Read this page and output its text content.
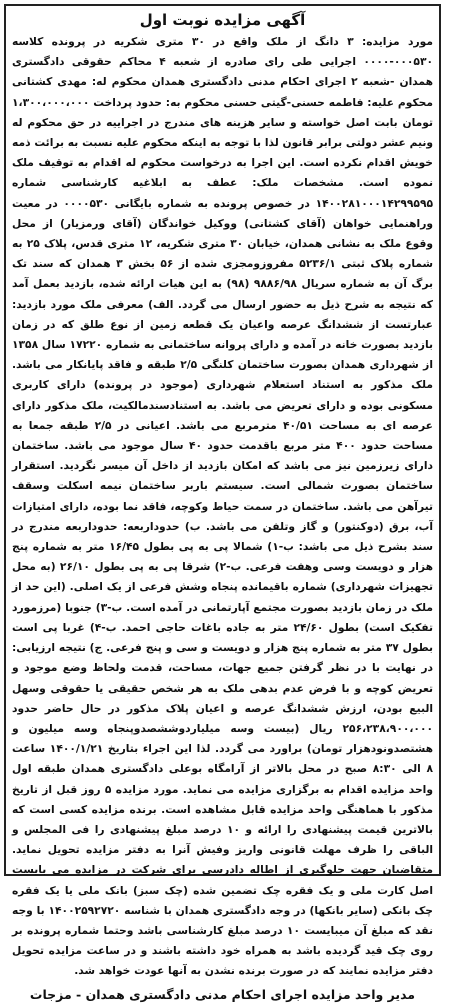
آگهی مزایده نوبت اول

مورد مزایده: ۳ دانگ از ملک واقع در ۳۰ متری شکریه در پرونده کلاسه ۰۰۰۵۳۰-۰۰۰۰ اجرایی طی رای صادره از شعبه ۴ محاکم حقوقی دادگستری همدان -شعبه ۲ اجرای احکام مدنی دادگستری همدان محکوم له: مهدی کشتانی محکوم علیه: فاطمه حسنی-گیتی حسنی محکوم به: حدود پرداخت ۱،۳۰۰،۰۰۰،۰۰۰ تومان بابت اصل خواسته و سایر هزینه های مندرج در اجراییه در حق محکوم له ونیم عشر دولتی برابر قانون لذا با توجه به اینکه محکوم علیه نسبت به برائت ذمه خویش اقدام نکرده است. این اجرا به درخواست محکوم له اقدام به توقیف ملک نموده است. مشخصات ملک: عطف به ابلاغیه کارشناسی شماره ۱۴۰۰۲۸۱۰۰۰۱۴۲۹۹۵۹۵ در خصوص پرونده به شماره بایگانی ۰۰۰۰۵۳۰ در معیت وراهنمایی خواهان (آقای کشتانی) ووکیل خواندگان (آقای ورمزیار) از محل وقوع ملک به نشانی همدان، خیابان ۳۰ متری شکریه، ۱۲ متری قدس، پلاک ۲۵ به شماره پلاک ثبتی ۵۲۳۶/۱ مفروزومجزی شده از ۵۶ بخش ۳ همدان که سند تک برگ آن به شماره سریال ۹۸۸۶/۹۸ (۹۸) به این هیات ارائه شده، بازدید بعمل آمد که نتیجه به شرح ذیل به حضور ارسال می گردد. الف) معرفی ملک مورد بازدید: عبارتست از ششدانگ عرصه واعیان یک قطعه زمین از نوع طلق که در زمان بازدید بصورت خانه در آمده و دارای پروانه ساختمانی به شماره ۱۷۲۲۰ سال ۱۳۵۸ از شهرداری همدان بصورت ساختمان کلنگی ۲/۵ طبقه و فاقد پایانکار می باشد. ملک مذکور به استناد استعلام شهرداری (موجود در پرونده) دارای کاربری مسکونی بوده و دارای تعریض می باشد. به استنادسندمالکیت، ملک مذکور دارای عرصه ای به مساحت ۴۰/۵۱ مترمربع می باشد. اعیانی در ۲/۵ طبقه جمعا به مساحت حدود ۴۰۰ متر مربع باقدمت حدود ۴۰ سال موجود می باشد. ساختمان دارای زیرزمین نیز می باشد که امکان بازدید از داخل آن میسر نگردید. استقرار ساختمان بصورت شمالی است. سیستم باربر ساختمان نیمه اسکلت وسقف تیرآهن می باشد. ساختمان در سمت حیاط وکوچه، فاقد نما بوده، دارای امتیازات آب، برق (دوکنتور) و گاز وتلفن می باشد. ب) حدوداربعه: حدوداربعه مندرج در سند بشرح ذیل می باشد: ب-۱) شمالا پی به پی بطول ۱۶/۴۵ متر به شماره پنج هزار و دویست وسی وهفت فرعی. ب-۲) شرقا پی به پی بطول ۲۶/۱۰ (به محل تجهیزات شهرداری) شماره باقیمانده پنجاه وشش فرعی از یک اصلی. (این حد از ملک در زمان بازدید بصورت مجتمع آپارتمانی در آمده است. ب-۳) جنوبا (مرزمورد تفکیک است) بطول ۲۴/۶۰ متر به جاده باغات حاجی احمد. ب-۴) غربا پی است بطول ۳۷ متر به شماره پنج هزار و دویست و سی و پنج فرعی. ج) نتیجه ارزیابی: در نهایت با در نظر گرفتن جمیع جهات، مساحت، قدمت ولحاظ وضع موجود و تعریض کوچه و با فرض عدم بدهی ملک به هر شخص حقیقی یا حقوقی وسهل البیع بودن، ارزش ششدانگ عرصه و اعیان پلاک مذکور در حال حاضر حدود ۲۵۶،۲۳۸،۹۰۰،۰۰۰ ریال (بیست وسه میلیاردوششصدوپنجاه وسه میلیون و هشتصدونودهزار تومان) براورد می گردد. لذا این اجراء بتاریخ ۱۴۰۰/۱/۲۱ ساعت ۸ الی ۸:۳۰ صبح در محل بالاتر از آرامگاه بوعلی دادگستری همدان طبقه اول واحد مزایده اقدام به برگزاری مزایده می نماید. مورد مزایده ۵ روز قبل از تاریخ مذکور با هماهنگی واحد مزایده قابل مشاهده است. برنده مزایده کسی است که بالاترین قیمت پیشنهادی را ارائه و ۱۰ درصد مبلغ پیشنهادی را فی المجلس و الباقی را ظرف مهلت قانونی واریز وفیش آنرا به دفتر مزایده تحویل نماید. متقاضیان جهت جلوگیری از اطاله دادرسی برای شرکت در مزایده می بایست اصل کارت ملی و یک فقره چک تضمین شده (چک سبز) بانک ملی یا یک فقره چک بانکی (سایر بانکها) در وجه دادگستری همدان با شناسه ۱۴۰۰۲۵۹۲۷۲۰ با وجه نقد که مبلغ آن میبایست ۱۰ درصد مبلغ کارشناسی باشد وحتما شماره پرونده بر روی چک قید گردیده باشد به همراه خود داشته باشند و در ساعت مزایده تحویل دفتر مزایده نمایند که در صورت برنده نشدن به آنها عودت خواهد شد.

مدیر واحد مزایده اجرای احکام مدنی دادگستری همدان - مزجات
